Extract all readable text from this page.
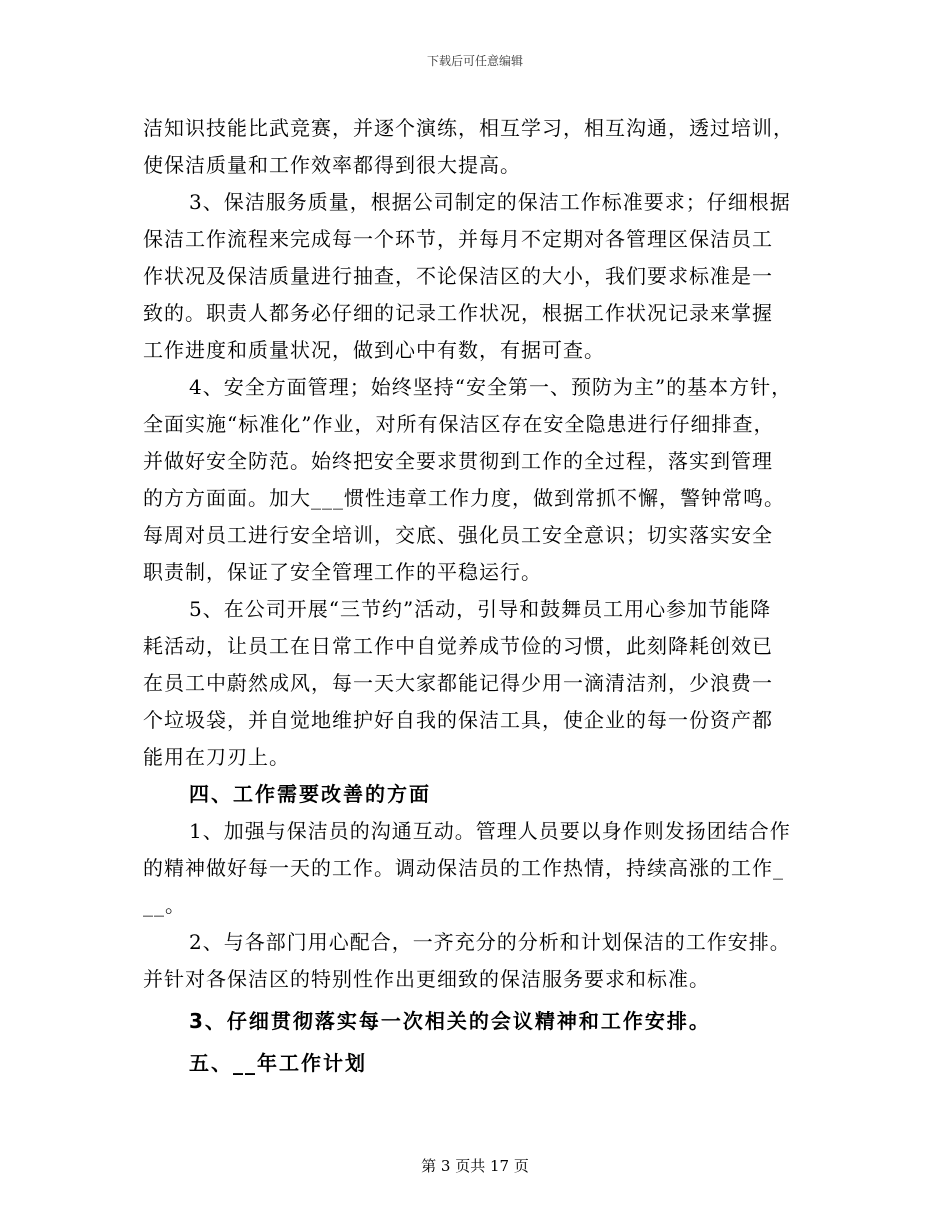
下载后可任意编辑
洁知识技能比武竞赛，并逐个演练，相互学习，相互沟通，透过培训，
使保洁质量和工作效率都得到很大提高。
3、保洁服务质量，根据公司制定的保洁工作标准要求；仔细根据
保洁工作流程来完成每一个环节，并每月不定期对各管理区保洁员工
作状况及保洁质量进行抽查，不论保洁区的大小，我们要求标准是一
致的。职责人都务必仔细的记录工作状况，根据工作状况记录来掌握
工作进度和质量状况，做到心中有数，有据可查。
4、安全方面管理；始终坚持“安全第一、预防为主”的基本方针，
全面实施“标准化”作业，对所有保洁区存在安全隐患进行仔细排查，
并做好安全防范。始终把安全要求贯彻到工作的全过程，落实到管理
的方方面面。加大___惯性违章工作力度，做到常抓不懈，警钟常鸣。
每周对员工进行安全培训，交底、强化员工安全意识；切实落实安全
职责制，保证了安全管理工作的平稳运行。
5、在公司开展“三节约”活动，引导和鼓舞员工用心参加节能降
耗活动，让员工在日常工作中自觉养成节俭的习惯，此刻降耗创效已
在员工中蔚然成风，每一天大家都能记得少用一滴清洁剂，少浪费一
个垃圾袋，并自觉地维护好自我的保洁工具，使企业的每一份资产都
能用在刀刃上。
四、工作需要改善的方面
1、加强与保洁员的沟通互动。管理人员要以身作则发扬团结合作
的精神做好每一天的工作。调动保洁员的工作热情，持续高涨的工作_
__。
2、与各部门用心配合，一齐充分的分析和计划保洁的工作安排。
并针对各保洁区的特别性作出更细致的保洁服务要求和标准。
3、仔细贯彻落实每一次相关的会议精神和工作安排。
五、__年工作计划
第 3 页共 17 页
